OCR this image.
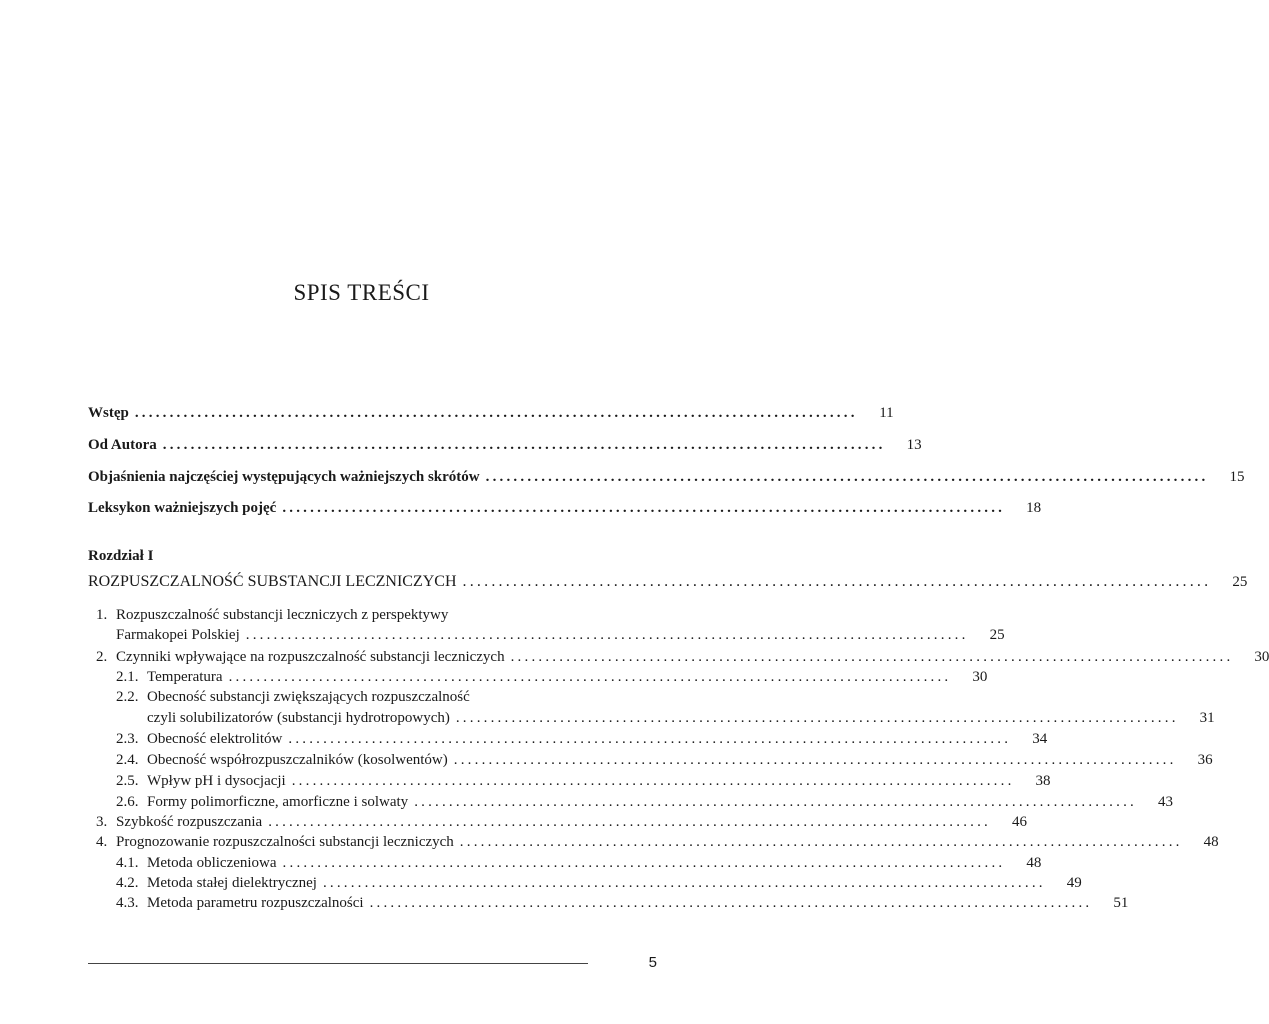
SPIS TREŚCI
Wstęp ........................................................................................................	11
Od Autora ........................................................................................................	13
Objaśnienia najczęściej występujących ważniejszych skrótów ........................................................................................................	15
Leksykon ważniejszych pojęć ........................................................................................................	18
Rozdział I
ROZPUSZCZALNOŚĆ SUBSTANCJI LECZNICZYCH ........................................................................................................	25
1. Rozpuszczalność substancji leczniczych z perspektywy
Farmakopei Polskiej ........................................................................................................	25
2. Czynniki wpływające na rozpuszczalność substancji leczniczych ........................................................................................................	30
2.1. Temperatura ........................................................................................................	30
2.2. Obecność substancji zwiększających rozpuszczalność
czyli solubilizatorów (substancji hydrotropowych) ........................................................................................................	31
2.3. Obecność elektrolitów ........................................................................................................	34
2.4. Obecność współrozpuszczalników (kosolwentów) ........................................................................................................	36
2.5. Wpływ pH i dysocjacji ........................................................................................................	38
2.6. Formy polimorficzne, amorficzne i solwaty ........................................................................................................	43
3. Szybkość rozpuszczania ........................................................................................................	46
4. Prognozowanie rozpuszczalności substancji leczniczych ........................................................................................................	48
4.1. Metoda obliczeniowa ........................................................................................................	48
4.2. Metoda stałej dielektrycznej ........................................................................................................	49
4.3. Metoda parametru rozpuszczalności ........................................................................................................	51
5
